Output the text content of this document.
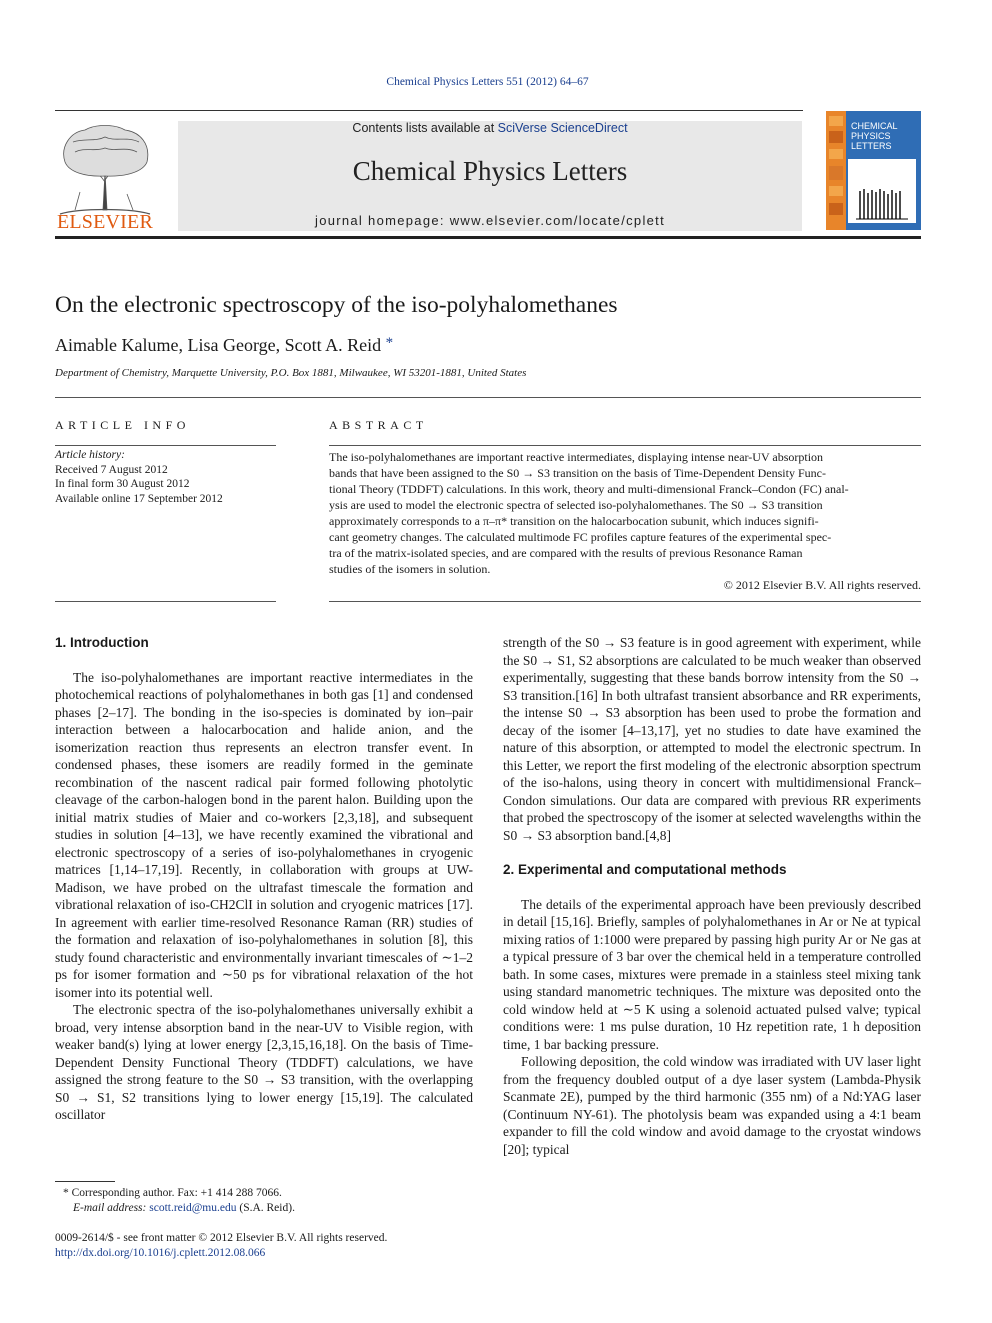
Chemical Physics Letters 551 (2012) 64–67
ELSEVIER
Contents lists available at SciVerse ScienceDirect
Chemical Physics Letters
journal homepage: www.elsevier.com/locate/cplett
CHEMICAL
PHYSICS
LETTERS
On the electronic spectroscopy of the iso-polyhalomethanes
Aimable Kalume, Lisa George, Scott A. Reid *
Department of Chemistry, Marquette University, P.O. Box 1881, Milwaukee, WI 53201-1881, United States
ARTICLE INFO	ABSTRACT
Article history:
Received 7 August 2012
In final form 30 August 2012
Available online 17 September 2012
The iso-polyhalomethanes are important reactive intermediates, displaying intense near-UV absorption
bands that have been assigned to the S0 → S3 transition on the basis of Time-Dependent Density Func-
tional Theory (TDDFT) calculations. In this work, theory and multi-dimensional Franck–Condon (FC) anal-
ysis are used to model the electronic spectra of selected iso-polyhalomethanes. The S0 → S3 transition
approximately corresponds to a π–π* transition on the halocarbocation subunit, which induces signifi-
cant geometry changes. The calculated multimode FC profiles capture features of the experimental spec-
tra of the matrix-isolated species, and are compared with the results of previous Resonance Raman
studies of the isomers in solution.
© 2012 Elsevier B.V. All rights reserved.
1. Introduction

The iso-polyhalomethanes are important reactive intermediates in the photochemical reactions of polyhalomethanes in both gas [1] and condensed phases [2–17]. The bonding in the iso-species is dominated by ion–pair interaction between a halocarbocation and halide anion, and the isomerization reaction thus represents an electron transfer event. In condensed phases, these isomers are readily formed in the geminate recombination of the nascent radical pair formed following photolytic cleavage of the carbon-halogen bond in the parent halon. Building upon the initial matrix studies of Maier and co-workers [2,3,18], and subsequent studies in solution [4–13], we have recently examined the vibrational and electronic spectroscopy of a series of iso-polyhalomethanes in cryogenic matrices [1,14–17,19]. Recently, in collaboration with groups at UW-Madison, we have probed on the ultrafast timescale the formation and vibrational relaxation of iso-CH2ClI in solution and cryogenic matrices [17]. In agreement with earlier time-resolved Resonance Raman (RR) studies of the formation and relaxation of iso-polyhalomethanes in solution [8], this study found characteristic and environmentally invariant timescales of ∼1–2 ps for isomer formation and ∼50 ps for vibrational relaxation of the hot isomer into its potential well.

The electronic spectra of the iso-polyhalomethanes universally exhibit a broad, very intense absorption band in the near-UV to Visible region, with weaker band(s) lying at lower energy [2,3,15,16,18]. On the basis of Time-Dependent Density Functional Theory (TDDFT) calculations, we have assigned the strong feature to the S0 → S3 transition, with the overlapping S0 → S1, S2 transitions lying to lower energy [15,19]. The calculated oscillator

strength of the S0 → S3 feature is in good agreement with experiment, while the S0 → S1, S2 absorptions are calculated to be much weaker than observed experimentally, suggesting that these bands borrow intensity from the S0 → S3 transition.[16] In both ultrafast transient absorbance and RR experiments, the intense S0 → S3 absorption has been used to probe the formation and decay of the isomer [4–13,17], yet no studies to date have examined the nature of this absorption, or attempted to model the electronic spectrum. In this Letter, we report the first modeling of the electronic absorption spectrum of the iso-halons, using theory in concert with multidimensional Franck–Condon simulations. Our data are compared with previous RR experiments that probed the spectroscopy of the isomer at selected wavelengths within the S0 → S3 absorption band.[4,8]

2. Experimental and computational methods

The details of the experimental approach have been previously described in detail [15,16]. Briefly, samples of polyhalomethanes in Ar or Ne at typical mixing ratios of 1:1000 were prepared by passing high purity Ar or Ne gas at a typical pressure of 3 bar over the chemical held in a temperature controlled bath. In some cases, mixtures were premade in a stainless steel mixing tank using standard manometric techniques. The mixture was deposited onto the cold window held at ∼5 K using a solenoid actuated pulsed valve; typical conditions were: 1 ms pulse duration, 10 Hz repetition rate, 1 h deposition time, 1 bar backing pressure.

Following deposition, the cold window was irradiated with UV laser light from the frequency doubled output of a dye laser system (Lambda-Physik Scanmate 2E), pumped by the third harmonic (355 nm) of a Nd:YAG laser (Continuum NY-61). The photolysis beam was expanded using a 4:1 beam expander to fill the cold window and avoid damage to the cryostat windows [20]; typical

* Corresponding author. Fax: +1 414 288 7066.
E-mail address: scott.reid@mu.edu (S.A. Reid).
0009-2614/$ - see front matter © 2012 Elsevier B.V. All rights reserved.
http://dx.doi.org/10.1016/j.cplett.2012.08.066
